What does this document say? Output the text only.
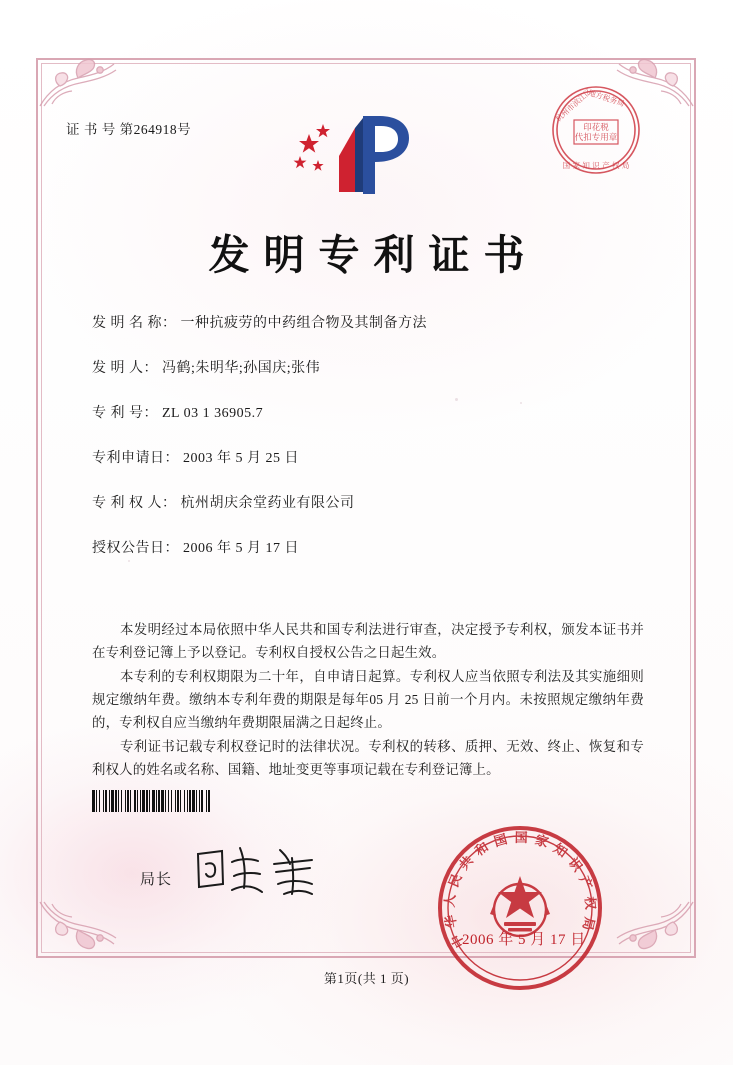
证 书 号 第264918号
杭州市滨江区
地方税务局
印花税
代扣专用章
国 家 知 识 产 权 局
发明专利证书
发 明 名 称： 一种抗疲劳的中药组合物及其制备方法
发 明 人： 冯鹤;朱明华;孙国庆;张伟
专 利 号： ZL 03 1 36905.7
专利申请日： 2003 年 5 月 25 日
专 利 权 人： 杭州胡庆余堂药业有限公司
授权公告日： 2006 年 5 月 17 日

本发明经过本局依照中华人民共和国专利法进行审查，决定授予专利权，颁发本证书并在专利登记簿上予以登记。专利权自授权公告之日起生效。

本专利的专利权期限为二十年，自申请日起算。专利权人应当依照专利法及其实施细则规定缴纳年费。缴纳本专利年费的期限是每年05 月 25 日前一个月内。未按照规定缴纳年费的，专利权自应当缴纳年费期限届满之日起终止。

专利证书记载专利权登记时的法律状况。专利权的转移、质押、无效、终止、恢复和专利权人的姓名或名称、国籍、地址变更等事项记载在专利登记簿上。

局长
中
华
人
民
共
和 国 国 家 知
识
产
权
局
2006 年 5 月 17 日
第1页(共 1 页)
